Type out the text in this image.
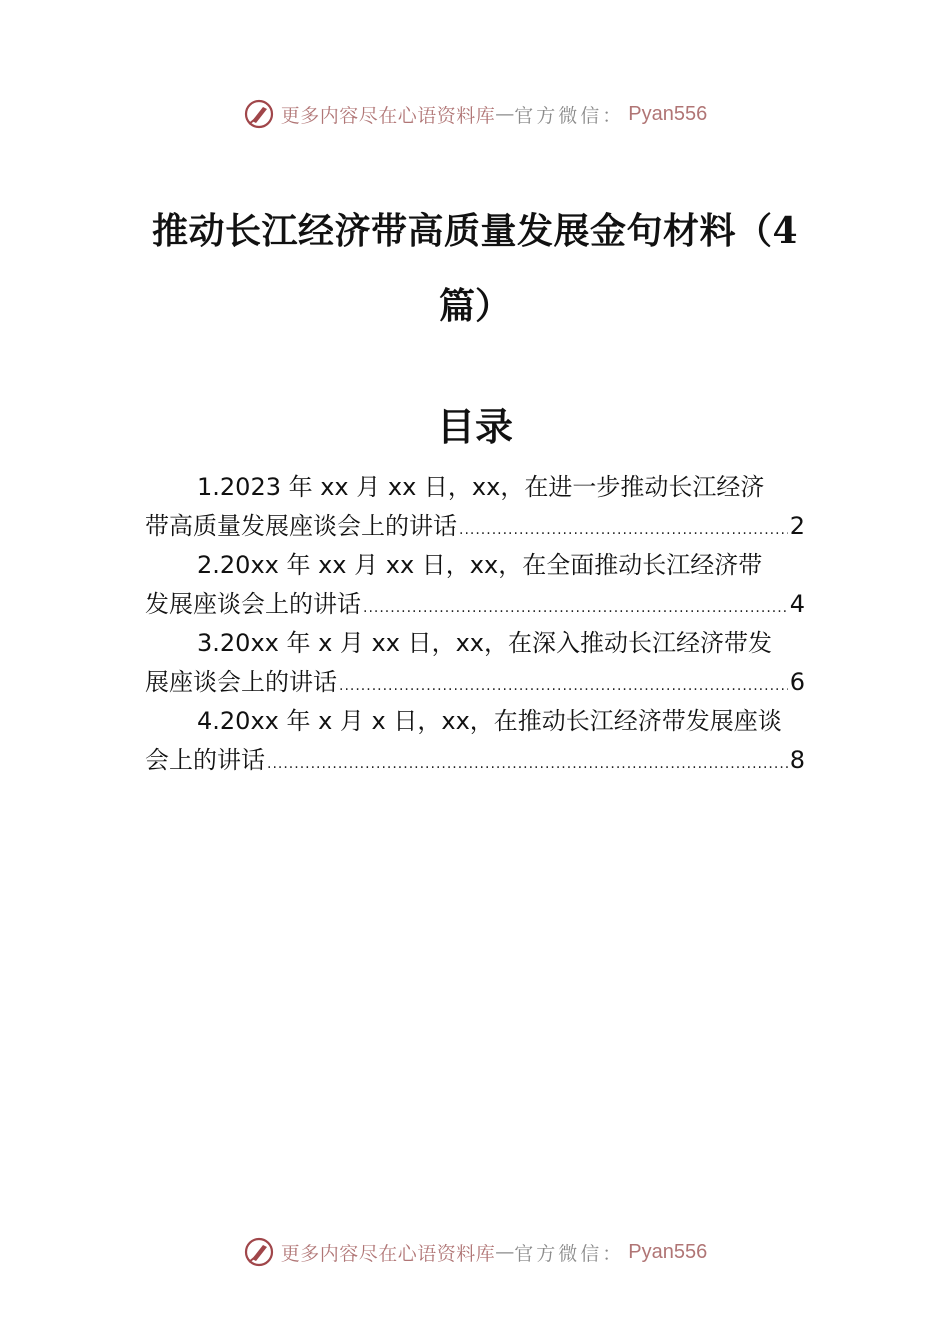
更多内容尽在心语资料库 — 官方微信： Pyan556
推动长江经济带高质量发展金句材料（4
篇）
目录
1.2023 年 xx 月 xx 日，xx，在进一步推动长江经济
带高质量发展座谈会上的讲话 .....	2
2.20xx 年 xx 月 xx 日，xx，在全面推动长江经济带
发展座谈会上的讲话 .....	4
3.20xx 年 x 月 xx 日，xx，在深入推动长江经济带发
展座谈会上的讲话 .....	6
4.20xx 年 x 月 x 日，xx，在推动长江经济带发展座谈
会上的讲话 .....	8
更多内容尽在心语资料库 — 官方微信： Pyan556
